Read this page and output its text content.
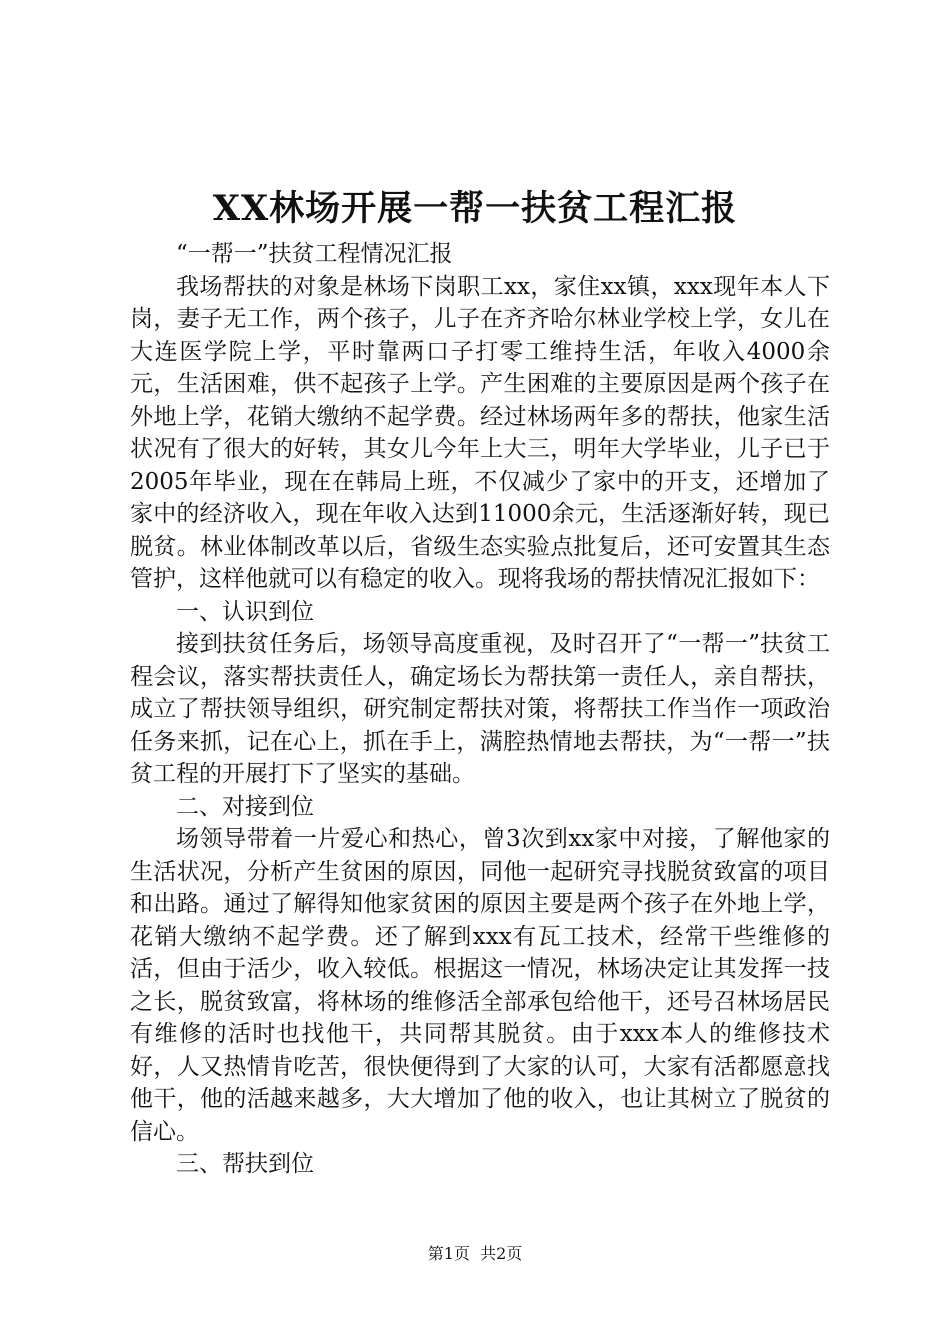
XX林场开展一帮一扶贫工程汇报

“一帮一”扶贫工程情况汇报

我场帮扶的对象是林场下岗职工xx，家住xx镇，xxx现年本人下岗，妻子无工作，两个孩子，儿子在齐齐哈尔林业学校上学，女儿在大连医学院上学，平时靠两口子打零工维持生活，年收入4000余元，生活困难，供不起孩子上学。产生困难的主要原因是两个孩子在外地上学，花销大缴纳不起学费。经过林场两年多的帮扶，他家生活状况有了很大的好转，其女儿今年上大三，明年大学毕业，儿子已于2005年毕业，现在在韩局上班，不仅减少了家中的开支，还增加了家中的经济收入，现在年收入达到11000余元，生活逐渐好转，现已脱贫。林业体制改革以后，省级生态实验点批复后，还可安置其生态管护，这样他就可以有稳定的收入。现将我场的帮扶情况汇报如下：

一、认识到位

接到扶贫任务后，场领导高度重视，及时召开了“一帮一”扶贫工程会议，落实帮扶责任人，确定场长为帮扶第一责任人，亲自帮扶，成立了帮扶领导组织，研究制定帮扶对策，将帮扶工作当作一项政治任务来抓，记在心上，抓在手上，满腔热情地去帮扶，为“一帮一”扶贫工程的开展打下了坚实的基础。

二、对接到位

场领导带着一片爱心和热心，曾3次到xx家中对接，了解他家的生活状况，分析产生贫困的原因，同他一起研究寻找脱贫致富的项目和出路。通过了解得知他家贫困的原因主要是两个孩子在外地上学，花销大缴纳不起学费。还了解到xxx有瓦工技术，经常干些维修的活，但由于活少，收入较低。根据这一情况，林场决定让其发挥一技之长，脱贫致富，将林场的维修活全部承包给他干，还号召林场居民有维修的活时也找他干，共同帮其脱贫。由于xxx本人的维修技术好，人又热情肯吃苦，很快便得到了大家的认可，大家有活都愿意找他干，他的活越来越多，大大增加了他的收入，也让其树立了脱贫的信心。

三、帮扶到位

第1页  共2页
